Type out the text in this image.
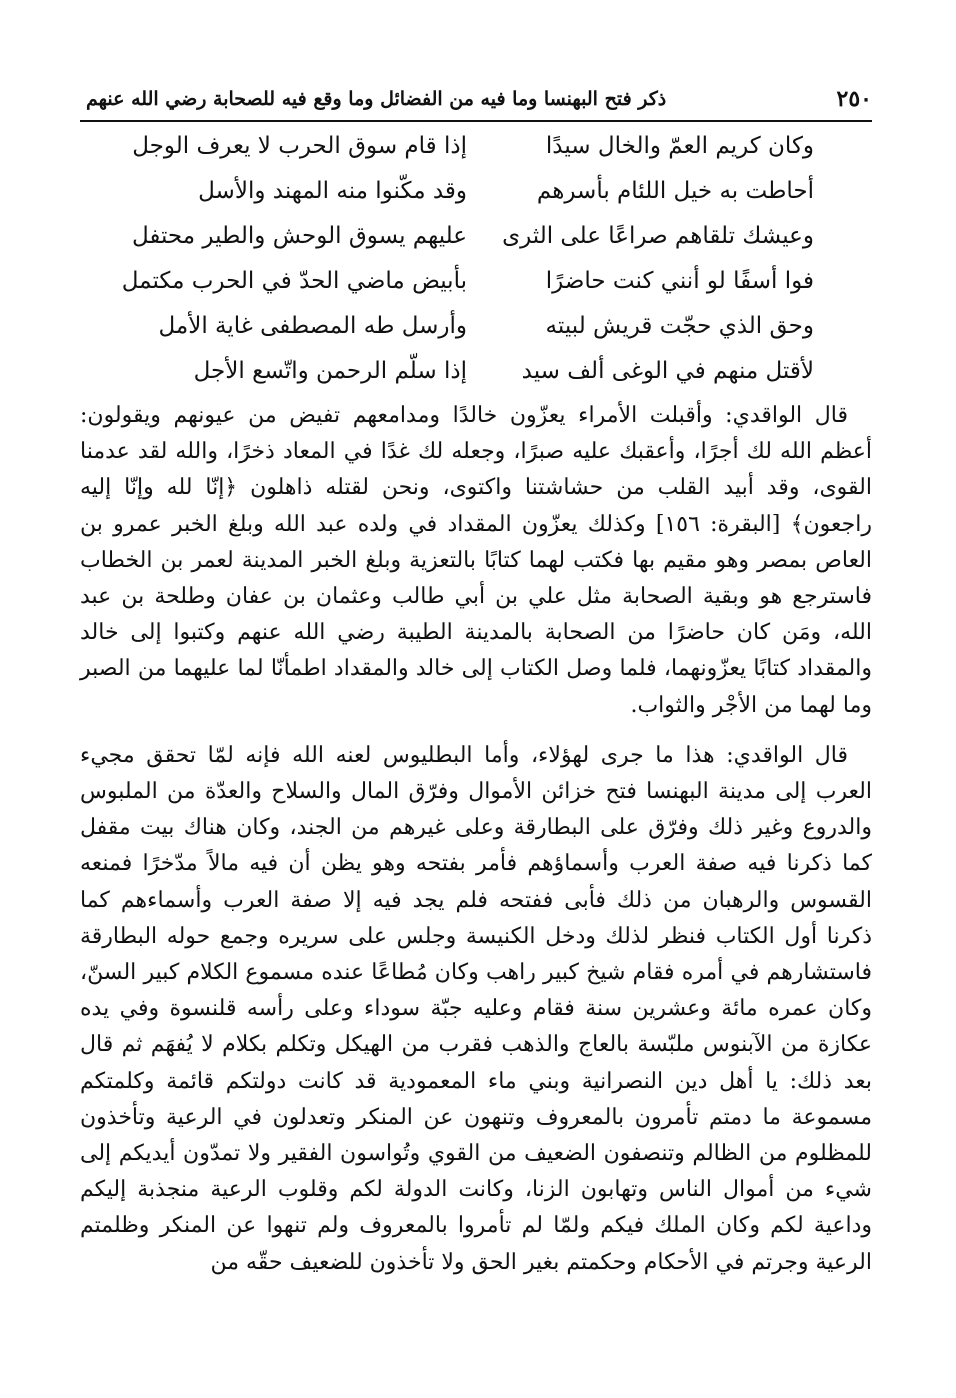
٢٥٠
ذكر فتح البهنسا وما فيه من الفضائل وما وقع فيه للصحابة رضي الله عنهم
وكان كريم العمّ والخال سيدًا
إذا قام سوق الحرب لا يعرف الوجل
أحاطت به خيل اللئام بأسرهم
وقد مكّنوا منه المهند والأسل
وعيشك تلقاهم صراعًا على الثرى
عليهم يسوق الوحش والطير محتفل
فوا أسفًا لو أنني كنت حاضرًا
بأبيض ماضي الحدّ في الحرب مكتمل
وحق الذي حجّت قريش لبيته
وأرسل طه المصطفى غاية الأمل
لأقتل منهم في الوغى ألف سيد
إذا سلّم الرحمن واتّسع الأجل

قال الواقدي: وأقبلت الأمراء يعزّون خالدًا ومدامعهم تفيض من عيونهم ويقولون: أعظم الله لك أجرًا، وأعقبك عليه صبرًا، وجعله لك غدًا في المعاد ذخرًا، والله لقد عدمنا القوى، وقد أبيد القلب من حشاشتنا واكتوى، ونحن لقتله ذاهلون ﴿إنّا لله وإنّا إليه راجعون﴾ [البقرة: ١٥٦] وكذلك يعزّون المقداد في ولده عبد الله وبلغ الخبر عمرو بن العاص بمصر وهو مقيم بها فكتب لهما كتابًا بالتعزية وبلغ الخبر المدينة لعمر بن الخطاب فاسترجع هو وبقية الصحابة مثل علي بن أبي طالب وعثمان بن عفان وطلحة بن عبد الله، ومَن كان حاضرًا من الصحابة بالمدينة الطيبة رضي الله عنهم وكتبوا إلى خالد والمقداد كتابًا يعزّونهما، فلما وصل الكتاب إلى خالد والمقداد اطمأنّا لما عليهما من الصبر وما لهما من الأجْر والثواب.

قال الواقدي: هذا ما جرى لهؤلاء، وأما البطليوس لعنه الله فإنه لمّا تحقق مجيء العرب إلى مدينة البهنسا فتح خزائن الأموال وفرّق المال والسلاح والعدّة من الملبوس والدروع وغير ذلك وفرّق على البطارقة وعلى غيرهم من الجند، وكان هناك بيت مقفل كما ذكرنا فيه صفة العرب وأسماؤهم فأمر بفتحه وهو يظن أن فيه مالاً مدّخرًا فمنعه القسوس والرهبان من ذلك فأبى ففتحه فلم يجد فيه إلا صفة العرب وأسماءهم كما ذكرنا أول الكتاب فنظر لذلك ودخل الكنيسة وجلس على سريره وجمع حوله البطارقة فاستشارهم في أمره فقام شيخ كبير راهب وكان مُطاعًا عنده مسموع الكلام كبير السنّ، وكان عمره مائة وعشرين سنة فقام وعليه جبّة سوداء وعلى رأسه قلنسوة وفي يده عكازة من الآبنوس ملبّسة بالعاج والذهب فقرب من الهيكل وتكلم بكلام لا يُفهَم ثم قال بعد ذلك: يا أهل دين النصرانية وبني ماء المعمودية قد كانت دولتكم قائمة وكلمتكم مسموعة ما دمتم تأمرون بالمعروف وتنهون عن المنكر وتعدلون في الرعية وتأخذون للمظلوم من الظالم وتنصفون الضعيف من القوي وتُواسون الفقير ولا تمدّون أيديكم إلى شيء من أموال الناس وتهابون الزنا، وكانت الدولة لكم وقلوب الرعية منجذبة إليكم وداعية لكم وكان الملك فيكم ولمّا لم تأمروا بالمعروف ولم تنهوا عن المنكر وظلمتم الرعية وجرتم في الأحكام وحكمتم بغير الحق ولا تأخذون للضعيف حقّه من
